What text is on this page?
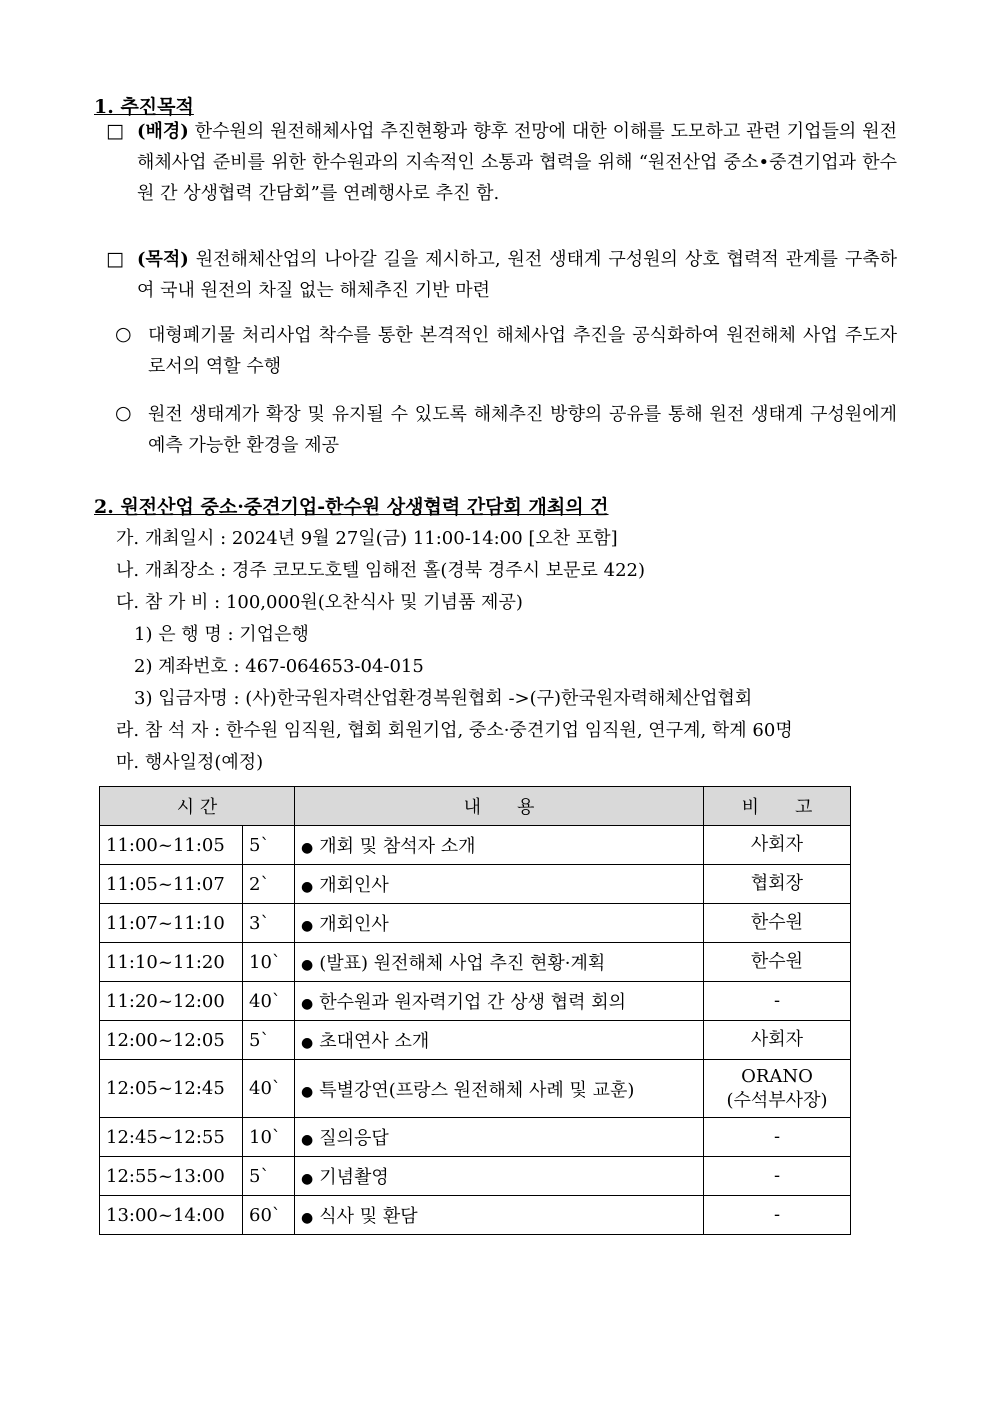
1. 추진목적
□ (배경) 한수원의 원전해체사업 추진현황과 향후 전망에 대한 이해를 도모하고 관련 기업들의 원전해체사업 준비를 위한 한수원과의 지속적인 소통과 협력을 위해 “원전산업 중소•중견기업과 한수원 간 상생협력 간담회”를 연례행사로 추진 함.
□ (목적) 원전해체산업의 나아갈 길을 제시하고, 원전 생태계 구성원의 상호 협력적 관계를 구축하여 국내 원전의 차질 없는 해체추진 기반 마련
○ 대형폐기물 처리사업 착수를 통한 본격적인 해체사업 추진을 공식화하여 원전해체 사업 주도자로서의 역할 수행
○ 원전 생태계가 확장 및 유지될 수 있도록 해체추진 방향의 공유를 통해 원전 생태계 구성원에게 예측 가능한 환경을 제공
2. 원전산업 중소·중견기업-한수원 상생협력 간담회 개최의 건
가. 개최일시 : 2024년 9월 27일(금) 11:00-14:00 [오찬 포함]
나. 개최장소 : 경주 코모도호텔 임해전 홀(경북 경주시 보문로 422)
다. 참 가 비 : 100,000원(오찬식사 및 기념품 제공)
1) 은 행 명 : 기업은행
2) 계좌번호 : 467-064653-04-015
3) 입금자명 : (사)한국원자력산업환경복원협회 ->(구)한국원자력해체산업협회
라. 참 석 자 : 한수원 임직원, 협회 회원기업, 중소·중견기업 임직원, 연구계, 학계 60명
마. 행사일정(예정)
시 간		내　　용	비　　고
11:00~11:05	5`	● 개회 및 참석자 소개	사회자
11:05~11:07	2`	● 개회인사	협회장
11:07~11:10	3`	● 개회인사	한수원
11:10~11:20	10`	● (발표) 원전해체 사업 추진 현황·계획	한수원
11:20~12:00	40`	● 한수원과 원자력기업 간 상생 협력 회의	-
12:00~12:05	5`	● 초대연사 소개	사회자
12:05~12:45	40`	● 특별강연(프랑스 원전해체 사례 및 교훈)	ORANO
(수석부사장)

12:45~12:55	10`	● 질의응답	-
12:55~13:00	5`	● 기념촬영	-
13:00~14:00	60`	● 식사 및 환담	-
